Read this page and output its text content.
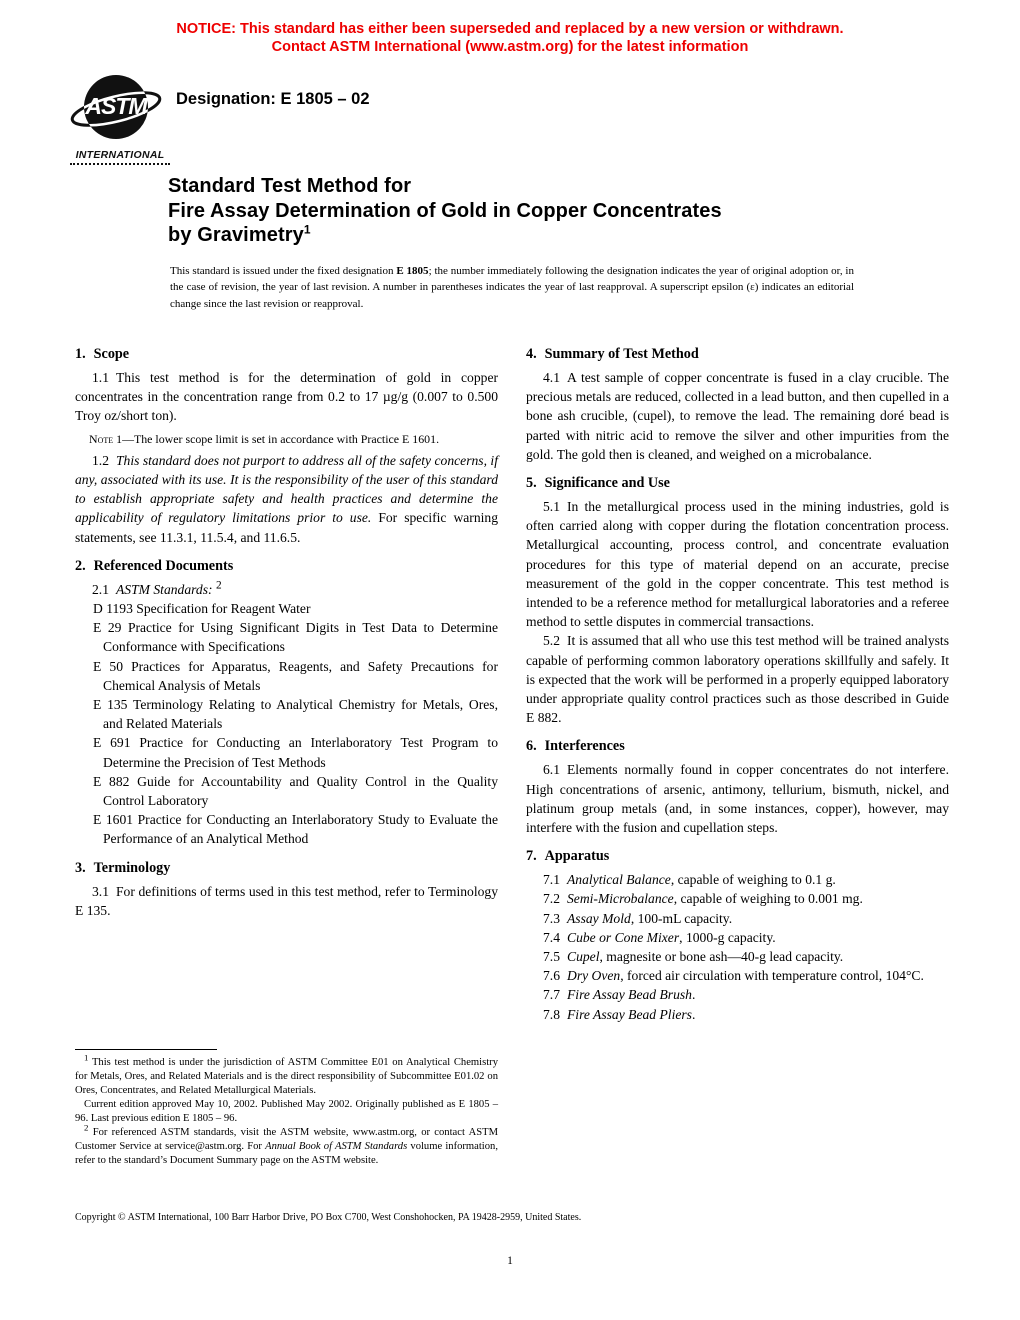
NOTICE: This standard has either been superseded and replaced by a new version or withdrawn.
Contact ASTM International (www.astm.org) for the latest information
ASTM
INTERNATIONAL
Designation: E 1805 – 02
Standard Test Method for
Fire Assay Determination of Gold in Copper Concentrates
by Gravimetry$^1$
This standard is issued under the fixed designation E 1805; the number immediately following the designation indicates the year of original adoption or, in the case of revision, the year of last revision. A number in parentheses indicates the year of last reapproval. A superscript epsilon (ε) indicates an editorial change since the last revision or reapproval.
1. Scope

1.1 This test method is for the determination of gold in copper concentrates in the concentration range from 0.2 to 17 µg/g (0.007 to 0.500 Troy oz/short ton).

Note 1—The lower scope limit is set in accordance with Practice E 1601.

1.2 This standard does not purport to address all of the safety concerns, if any, associated with its use. It is the responsibility of the user of this standard to establish appropriate safety and health practices and determine the applicability of regulatory limitations prior to use. For specific warning statements, see 11.3.1, 11.5.4, and 11.6.5.

2. Referenced Documents

2.1 ASTM Standards: $^2$

D 1193 Specification for Reagent Water

E 29 Practice for Using Significant Digits in Test Data to Determine Conformance with Specifications

E 50 Practices for Apparatus, Reagents, and Safety Precautions for Chemical Analysis of Metals

E 135 Terminology Relating to Analytical Chemistry for Metals, Ores, and Related Materials

E 691 Practice for Conducting an Interlaboratory Test Program to Determine the Precision of Test Methods

E 882 Guide for Accountability and Quality Control in the Quality Control Laboratory

E 1601 Practice for Conducting an Interlaboratory Study to Evaluate the Performance of an Analytical Method

3. Terminology

3.1 For definitions of terms used in this test method, refer to Terminology E 135.

$^1$ This test method is under the jurisdiction of ASTM Committee E01 on Analytical Chemistry for Metals, Ores, and Related Materials and is the direct responsibility of Subcommittee E01.02 on Ores, Concentrates, and Related Metallurgical Materials.

Current edition approved May 10, 2002. Published May 2002. Originally published as E 1805 – 96. Last previous edition E 1805 – 96.

$^2$ For referenced ASTM standards, visit the ASTM website, www.astm.org, or contact ASTM Customer Service at service@astm.org. For Annual Book of ASTM Standards volume information, refer to the standard’s Document Summary page on the ASTM website.

4. Summary of Test Method

4.1 A test sample of copper concentrate is fused in a clay crucible. The precious metals are reduced, collected in a lead button, and then cupelled in a bone ash crucible, (cupel), to remove the lead. The remaining doré bead is parted with nitric acid to remove the silver and other impurities from the gold. The gold then is cleaned, and weighed on a microbalance.

5. Significance and Use

5.1 In the metallurgical process used in the mining industries, gold is often carried along with copper during the flotation concentration process. Metallurgical accounting, process control, and concentrate evaluation procedures for this type of material depend on an accurate, precise measurement of the gold in the copper concentrate. This test method is intended to be a reference method for metallurgical laboratories and a referee method to settle disputes in commercial transactions.

5.2 It is assumed that all who use this test method will be trained analysts capable of performing common laboratory operations skillfully and safely. It is expected that the work will be performed in a properly equipped laboratory under appropriate quality control practices such as those described in Guide E 882.

6. Interferences

6.1 Elements normally found in copper concentrates do not interfere. High concentrations of arsenic, antimony, tellurium, bismuth, nickel, and platinum group metals (and, in some instances, copper), however, may interfere with the fusion and cupellation steps.

7. Apparatus

7.1 Analytical Balance, capable of weighing to 0.1 g.

7.2 Semi-Microbalance, capable of weighing to 0.001 mg.

7.3 Assay Mold, 100-mL capacity.

7.4 Cube or Cone Mixer, 1000-g capacity.

7.5 Cupel, magnesite or bone ash—40-g lead capacity.

7.6 Dry Oven, forced air circulation with temperature control, 104°C.

7.7 Fire Assay Bead Brush.

7.8 Fire Assay Bead Pliers.

Copyright © ASTM International, 100 Barr Harbor Drive, PO Box C700, West Conshohocken, PA 19428-2959, United States.
1
